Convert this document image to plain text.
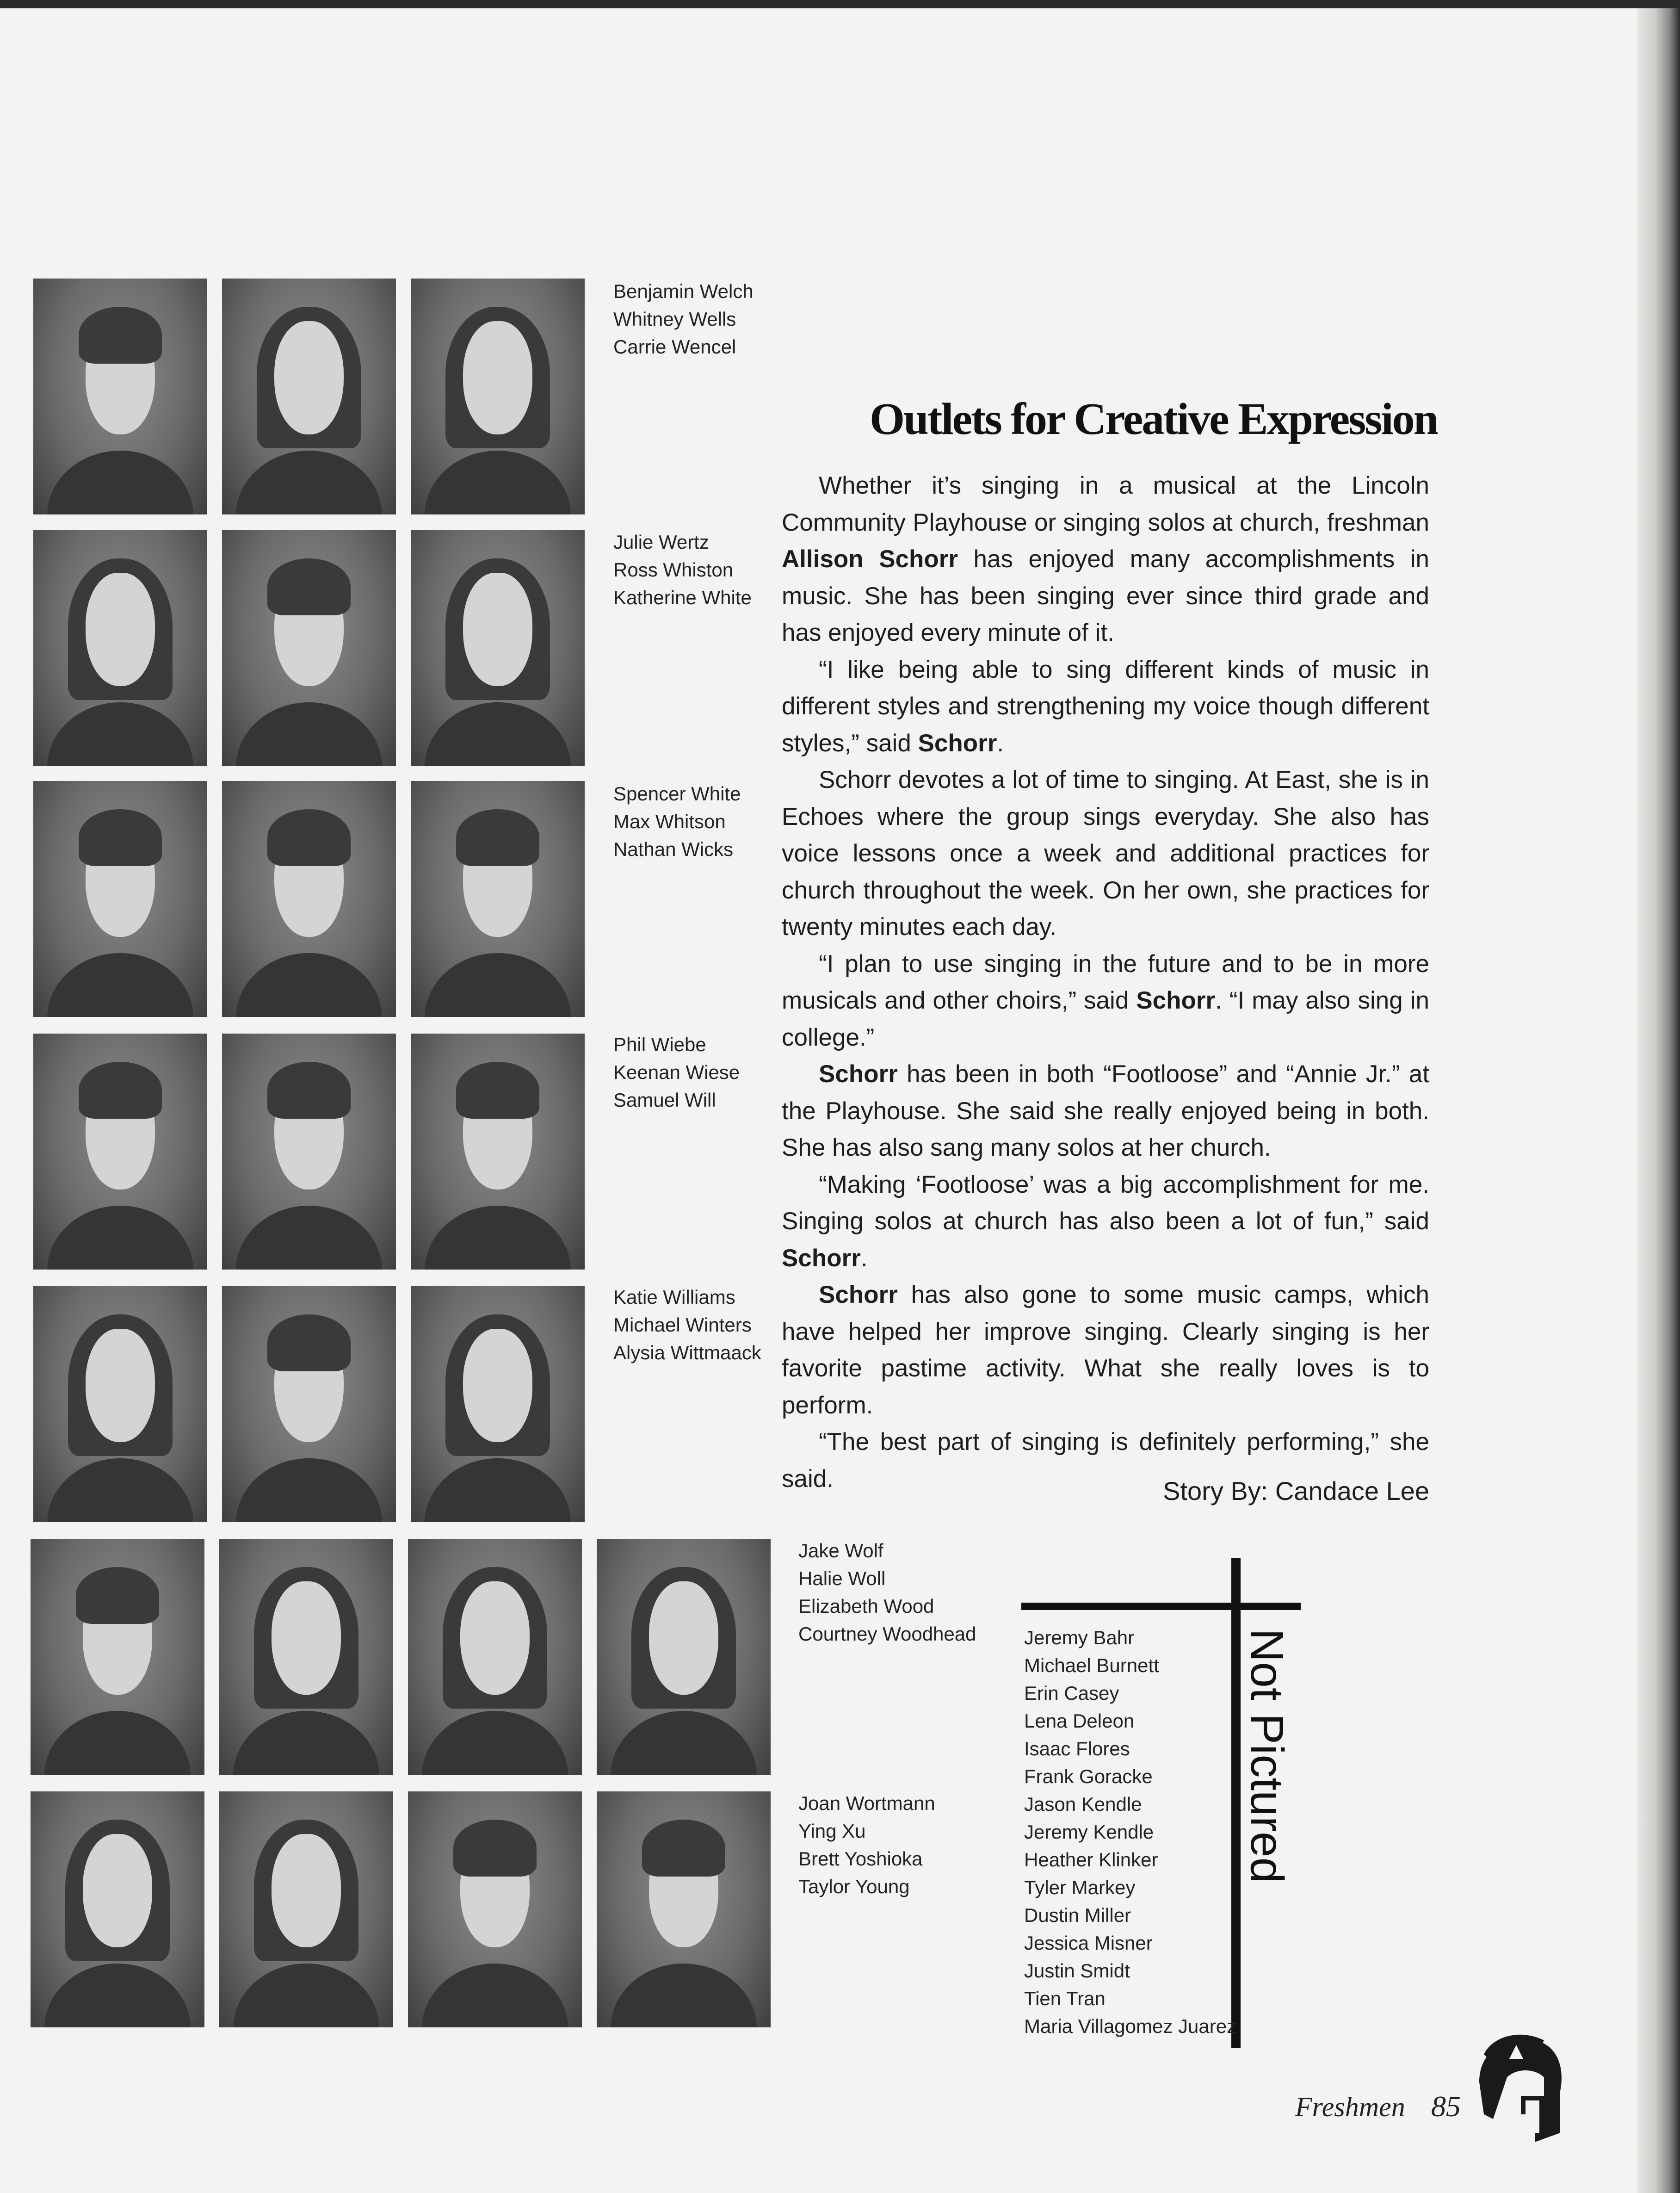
Benjamin Welch
Whitney Wells
Carrie Wencel
Julie Wertz
Ross Whiston
Katherine White
Spencer White
Max Whitson
Nathan Wicks
Phil Wiebe
Keenan Wiese
Samuel Will
Katie Williams
Michael Winters
Alysia Wittmaack
Jake Wolf
Halie Woll
Elizabeth Wood
Courtney Woodhead
Joan Wortmann
Ying Xu
Brett Yoshioka
Taylor Young
Outlets for Creative Expression

Whether it’s singing in a musical at the Lincoln Community Playhouse or singing solos at church, freshman Allison Schorr has enjoyed many accomplishments in music. She has been singing ever since third grade and has enjoyed every minute of it.

“I like being able to sing different kinds of music in different styles and strengthening my voice though different styles,” said Schorr.

Schorr devotes a lot of time to singing. At East, she is in Echoes where the group sings everyday. She also has voice lessons once a week and additional practices for church throughout the week. On her own, she practices for twenty minutes each day.

“I plan to use singing in the future and to be in more musicals and other choirs,” said Schorr. “I may also sing in college.”

Schorr has been in both “Footloose” and “Annie Jr.” at the Playhouse. She said she really enjoyed being in both. She has also sang many solos at her church.

“Making ‘Footloose’ was a big accomplishment for me. Singing solos at church has also been a lot of fun,” said Schorr.

Schorr has also gone to some music camps, which have helped her improve singing. Clearly singing is her favorite pastime activity. What she really loves is to perform.

“The best part of singing is definitely performing,” she said.	Story By: Candace Lee
Not Pictured
Jeremy Bahr
Michael Burnett
Erin Casey
Lena Deleon
Isaac Flores
Frank Goracke
Jason Kendle
Jeremy Kendle
Heather Klinker
Tyler Markey
Dustin Miller
Jessica Misner
Justin Smidt
Tien Tran
Maria Villagomez Juarez
Freshmen 85
